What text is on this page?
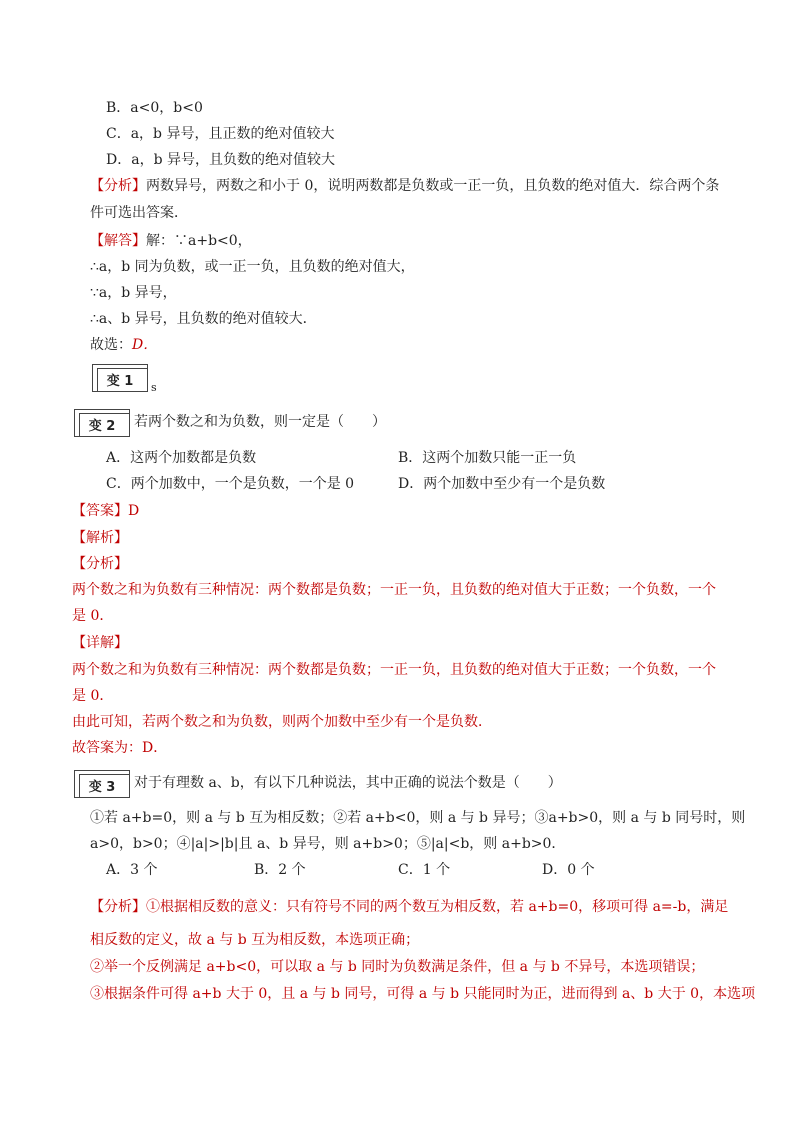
B．a<0，b<0
C．a，b 异号，且正数的绝对值较大
D．a，b 异号，且负数的绝对值较大
【分析】两数异号，两数之和小于 0，说明两数都是负数或一正一负，且负数的绝对值大．综合两个条
件可选出答案．
【解答】解：∵a+b<0，
∴a，b 同为负数，或一正一负，且负数的绝对值大，
∵a，b 异号，
∴a、b 异号，且负数的绝对值较大．
故选：D．
变 1	s
变 2	若两个数之和为负数，则一定是（　　）
A．这两个加数都是负数	B．这两个加数只能一正一负
C．两个加数中，一个是负数，一个是 0	D．两个加数中至少有一个是负数
【答案】D
【解析】
【分析】
两个数之和为负数有三种情况：两个数都是负数；一正一负，且负数的绝对值大于正数；一个负数，一个
是 0．
【详解】
两个数之和为负数有三种情况：两个数都是负数；一正一负，且负数的绝对值大于正数；一个负数，一个
是 0．
由此可知，若两个数之和为负数，则两个加数中至少有一个是负数．
故答案为：D．
变 3	对于有理数 a、b，有以下几种说法，其中正确的说法个数是（　　）
①若 a+b=0，则 a 与 b 互为相反数；②若 a+b<0，则 a 与 b 异号；③a+b>0，则 a 与 b 同号时，则
a>0，b>0；④|a|>|b|且 a、b 异号，则 a+b>0；⑤|a|<b，则 a+b>0．
A．3 个	B．2 个	C．1 个	D．0 个
【分析】①根据相反数的意义：只有符号不同的两个数互为相反数，若 a+b=0，移项可得 a=-b，满足
相反数的定义，故 a 与 b 互为相反数，本选项正确；
②举一个反例满足 a+b<0，可以取 a 与 b 同时为负数满足条件，但 a 与 b 不异号，本选项错误；
③根据条件可得 a+b 大于 0，且 a 与 b 同号，可得 a 与 b 只能同时为正，进而得到 a、b 大于 0，本选项
